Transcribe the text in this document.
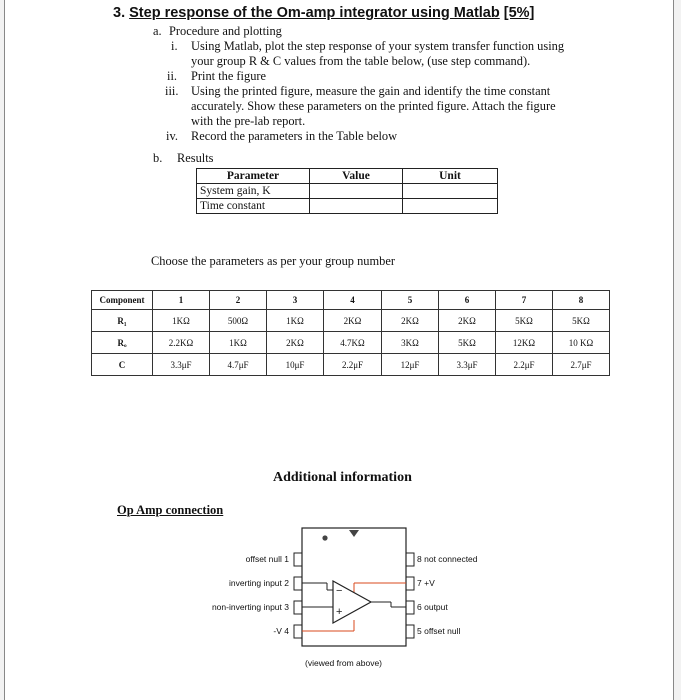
3. Step response of the Om-amp integrator using Matlab [5%]
a. Procedure and plotting
i. Using Matlab, plot the step response of your system transfer function using
your group R & C values from the table below, (use step command).
ii. Print the figure
iii. Using the printed figure, measure the gain and identify the time constant
accurately. Show these parameters on the printed figure. Attach the figure
with the pre-lab report.
iv. Record the parameters in the Table below
b. Results
Parameter	Value	Unit
System gain, K		
Time constant		
Choose the parameters as per your group number
Component	1	2	3	4	5	6	7	8
R₁	1KΩ	500Ω	1KΩ	2KΩ	2KΩ	2KΩ	5KΩ	5KΩ
Rₒ	2.2KΩ	1KΩ	2KΩ	4.7KΩ	3KΩ	5KΩ	12KΩ	10 KΩ
C	3.3μF	4.7μF	10μF	2.2μF	12μF	3.3μF	2.2μF	2.7μF
Additional information
Op Amp connection
offset null 1
inverting input 2
non-inverting input 3
-V 4
8 not connected
7 +V
6 output
5 offset null
−
+
(viewed from above)
